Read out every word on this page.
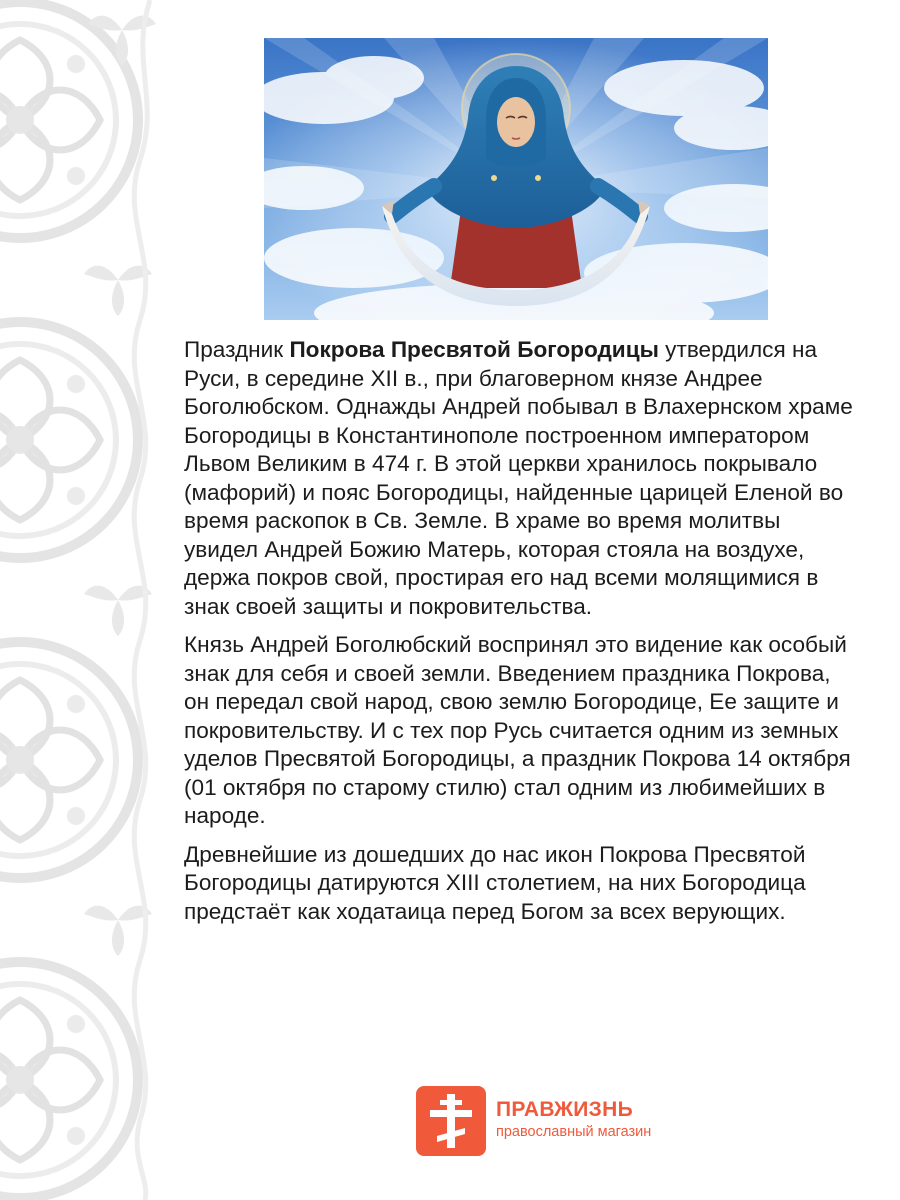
Праздник Покрова Пресвятой Богородицы утвердился на Руси, в середине XII в., при благоверном князе Андрее Боголюбском. Однажды Андрей побывал в Влахернском храме Богородицы в Константинополе построенном императором Львом Великим в 474 г. В этой церкви хранилось покрывало (мафорий) и пояс Богородицы, найденные царицей Еленой во время раскопок в Св. Земле. В храме во время молитвы увидел Андрей Божию Матерь, которая стояла на воздухе, держа покров свой, простирая его над всеми молящимися в знак своей защиты и покровительства.

Князь Андрей Боголюбский воспринял это видение как особый знак для себя и своей земли. Введением праздника Покрова, он передал свой народ, свою землю Богородице, Ее защите и покровительству. И с тех пор Русь считается одним из земных уделов Пресвятой Богородицы, а праздник Покрова 14 октября (01 октября по старому стилю) стал одним из любимейших в народе.

Древнейшие из дошедших до нас икон Покрова Пресвятой Богородицы датируются XIII столетием, на них Богородица предстаёт как ходатаица перед Богом за всех верующих.

ПРАВЖИЗНЬ
православный магазин
